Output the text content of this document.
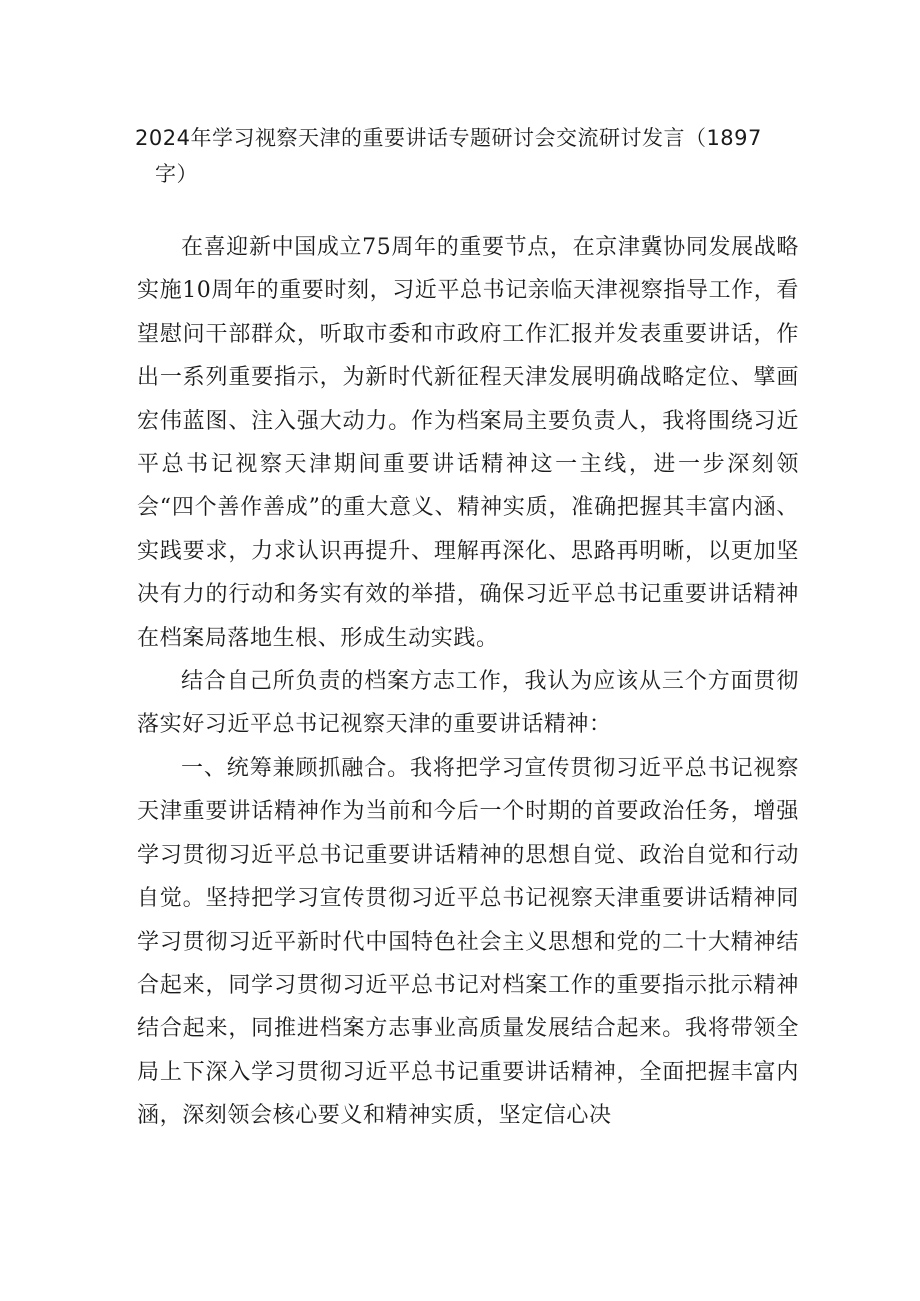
2024年学习视察天津的重要讲话专题研讨会交流研讨发言（1897
字）

在喜迎新中国成立75周年的重要节点，在京津冀协同发展战略实施10周年的重要时刻，习近平总书记亲临天津视察指导工作，看望慰问干部群众，听取市委和市政府工作汇报并发表重要讲话，作出一系列重要指示，为新时代新征程天津发展明确战略定位、擘画宏伟蓝图、注入强大动力。作为档案局主要负责人，我将围绕习近平总书记视察天津期间重要讲话精神这一主线，进一步深刻领会“四个善作善成”的重大意义、精神实质，准确把握其丰富内涵、实践要求，力求认识再提升、理解再深化、思路再明晰，以更加坚决有力的行动和务实有效的举措，确保习近平总书记重要讲话精神在档案局落地生根、形成生动实践。

结合自己所负责的档案方志工作，我认为应该从三个方面贯彻落实好习近平总书记视察天津的重要讲话精神：

一、统筹兼顾抓融合。我将把学习宣传贯彻习近平总书记视察天津重要讲话精神作为当前和今后一个时期的首要政治任务，增强学习贯彻习近平总书记重要讲话精神的思想自觉、政治自觉和行动自觉。坚持把学习宣传贯彻习近平总书记视察天津重要讲话精神同学习贯彻习近平新时代中国特色社会主义思想和党的二十大精神结合起来，同学习贯彻习近平总书记对档案工作的重要指示批示精神结合起来，同推进档案方志事业高质量发展结合起来。我将带领全局上下深入学习贯彻习近平总书记重要讲话精神，全面把握丰富内涵，深刻领会核心要义和精神实质，坚定信心决
